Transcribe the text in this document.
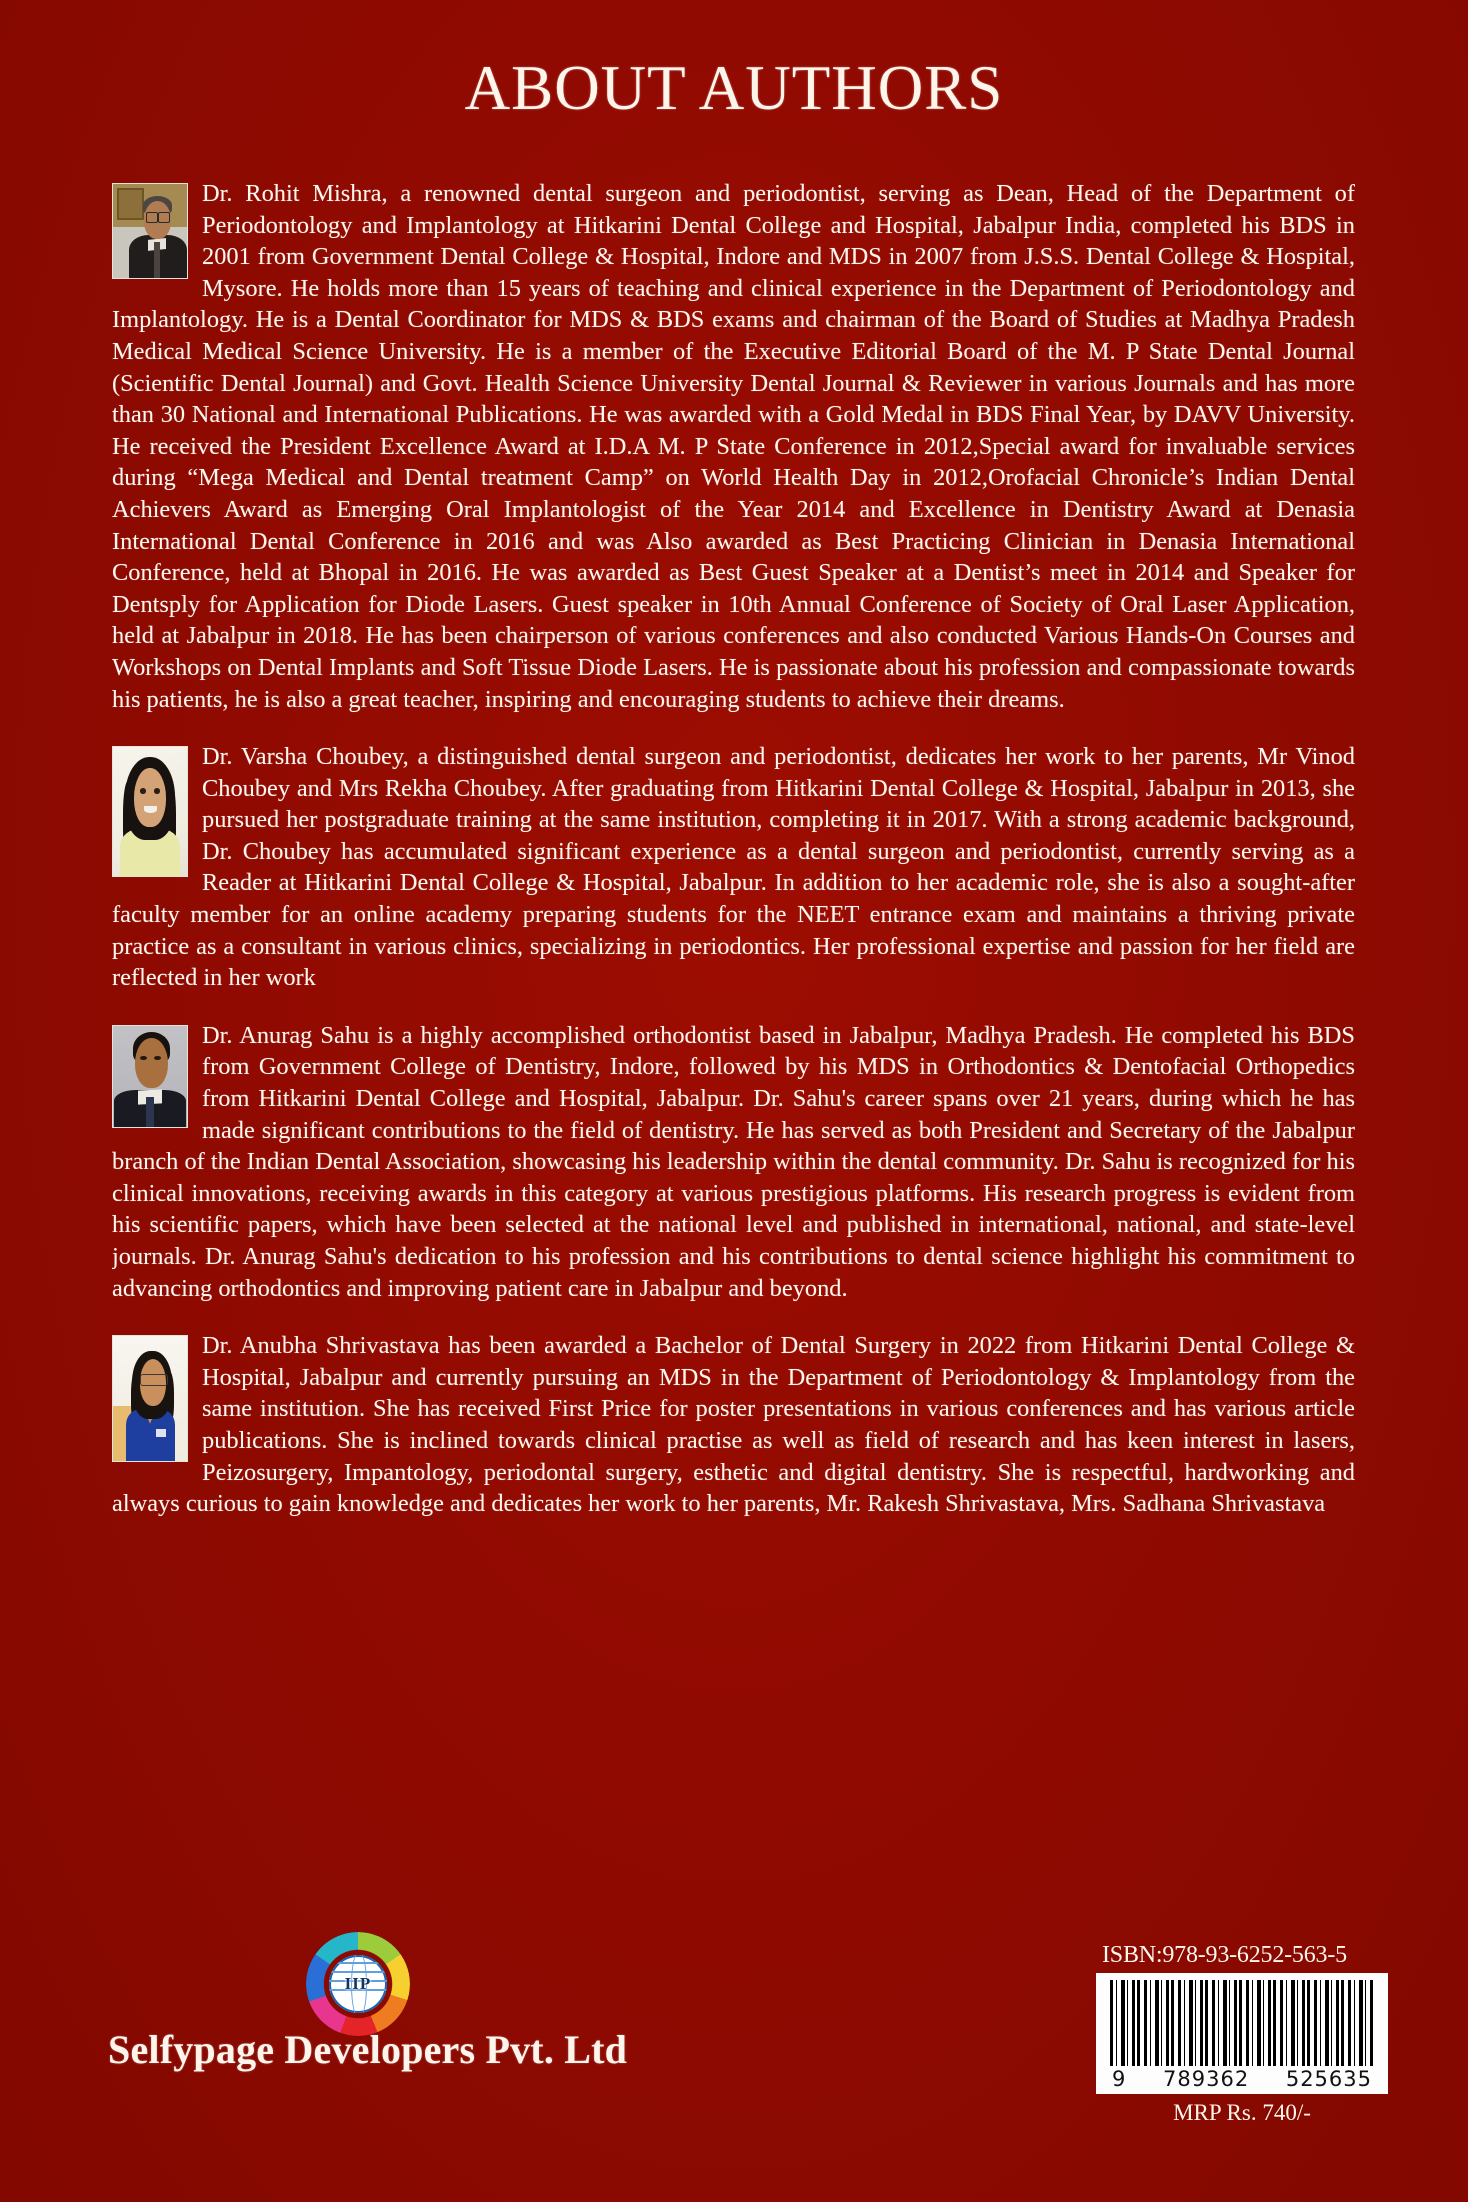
ABOUT AUTHORS

Dr. Rohit Mishra, a renowned dental surgeon and periodontist, serving as Dean, Head of the Department of Periodontology and Implantology at Hitkarini Dental College and Hospital, Jabalpur India, completed his BDS in 2001 from Government Dental College & Hospital, Indore and MDS in 2007 from J.S.S. Dental College & Hospital, Mysore. He holds more than 15 years of teaching and clinical experience in the Department of Periodontology and Implantology. He is a Dental Coordinator for MDS & BDS exams and chairman of the Board of Studies at Madhya Pradesh Medical Medical Science University. He is a member of the Executive Editorial Board of the M. P State Dental Journal (Scientific Dental Journal) and Govt. Health Science University Dental Journal & Reviewer in various Journals and has more than 30 National and International Publications. He was awarded with a Gold Medal in BDS Final Year, by DAVV University. He received the President Excellence Award at I.D.A M. P State Conference in 2012,Special award for invaluable services during “Mega Medical and Dental treatment Camp” on World Health Day in 2012,Orofacial Chronicle’s Indian Dental Achievers Award as Emerging Oral Implantologist of the Year 2014 and Excellence in Dentistry Award at Denasia International Dental Conference in 2016 and was Also awarded as Best Practicing Clinician in Denasia International Conference, held at Bhopal in 2016. He was awarded as Best Guest Speaker at a Dentist’s meet in 2014 and Speaker for Dentsply for Application for Diode Lasers. Guest speaker in 10th Annual Conference of Society of Oral Laser Application, held at Jabalpur in 2018. He has been chairperson of various conferences and also conducted Various Hands-On Courses and Workshops on Dental Implants and Soft Tissue Diode Lasers. He is passionate about his profession and compassionate towards his patients, he is also a great teacher, inspiring and encouraging students to achieve their dreams.

Dr. Varsha Choubey, a distinguished dental surgeon and periodontist, dedicates her work to her parents, Mr Vinod Choubey and Mrs Rekha Choubey. After graduating from Hitkarini Dental College & Hospital, Jabalpur in 2013, she pursued her postgraduate training at the same institution, completing it in 2017. With a strong academic background, Dr. Choubey has accumulated significant experience as a dental surgeon and periodontist, currently serving as a Reader at Hitkarini Dental College & Hospital, Jabalpur. In addition to her academic role, she is also a sought-after faculty member for an online academy preparing students for the NEET entrance exam and maintains a thriving private practice as a consultant in various clinics, specializing in periodontics. Her professional expertise and passion for her field are reflected in her work

Dr. Anurag Sahu is a highly accomplished orthodontist based in Jabalpur, Madhya Pradesh. He completed his BDS from Government College of Dentistry, Indore, followed by his MDS in Orthodontics & Dentofacial Orthopedics from Hitkarini Dental College and Hospital, Jabalpur. Dr. Sahu's career spans over 21 years, during which he has made significant contributions to the field of dentistry. He has served as both President and Secretary of the Jabalpur branch of the Indian Dental Association, showcasing his leadership within the dental community. Dr. Sahu is recognized for his clinical innovations, receiving awards in this category at various prestigious platforms. His research progress is evident from his scientific papers, which have been selected at the national level and published in international, national, and state-level journals. Dr. Anurag Sahu's dedication to his profession and his contributions to dental science highlight his commitment to advancing orthodontics and improving patient care in Jabalpur and beyond.

Dr. Anubha Shrivastava has been awarded a Bachelor of Dental Surgery in 2022 from Hitkarini Dental College & Hospital, Jabalpur and currently pursuing an MDS in the Department of Periodontology & Implantology from the same institution. She has received First Price for poster presentations in various conferences and has various article publications. She is inclined towards clinical practise as well as field of research and has keen interest in lasers, Peizosurgery, Impantology, periodontal surgery, esthetic and digital dentistry. She is respectful, hardworking and always curious to gain knowledge and dedicates her work to her parents, Mr. Rakesh Shrivastava, Mrs. Sadhana Shrivastava

IIP
Selfypage Developers Pvt. Ltd
ISBN:978-93-6252-563-5
9 789362 525635
MRP Rs. 740/-
